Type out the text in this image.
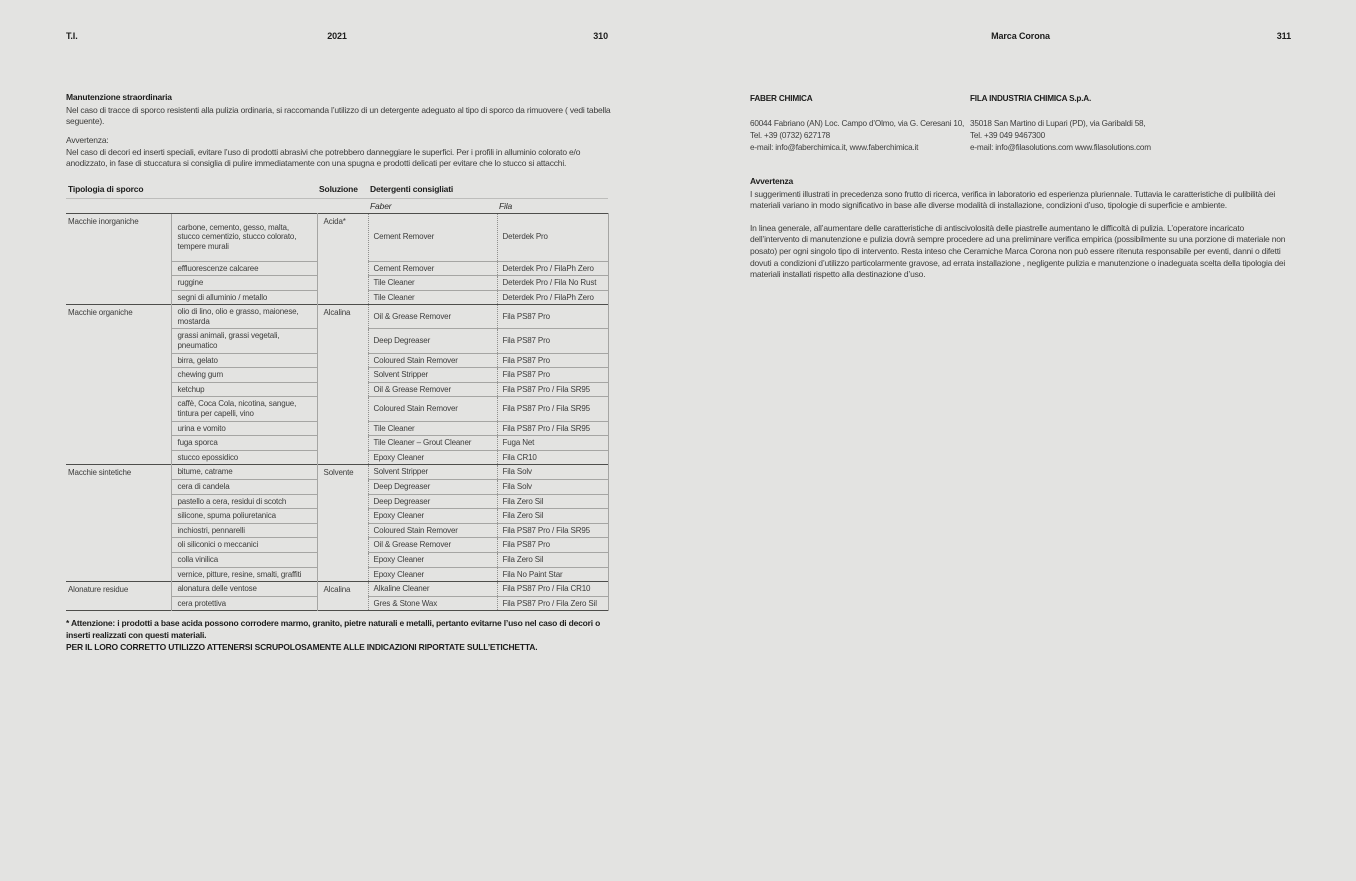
T.I.	2021	310

Manutenzione straordinaria

Nel caso di tracce di sporco resistenti alla pulizia ordinaria, si raccomanda l’utilizzo di un detergente adeguato al tipo di sporco da rimuovere ( vedi tabella seguente).

Avvertenza:

Nel caso di decori ed inserti speciali, evitare l’uso di prodotti abrasivi che potrebbero danneggiare le superfici. Per i profili in alluminio colorato e/o anodizzato, in fase di stuccatura si consiglia di pulire immediatamente con una spugna e prodotti delicati per evitare che lo stucco si attacchi.

Tipologia di sporco		Soluzione	Detergenti consigliati	
			Faber	Fila
Macchie inorganiche	carbone, cemento, gesso, malta, stucco cementizio, stucco colorato, tempere murali	Acida*	Cement Remover	Deterdek Pro
	effluorescenze calcaree		Cement Remover	Deterdek Pro / FilaPh Zero
	ruggine		Tile Cleaner	Deterdek Pro / Fila No Rust
	segni di alluminio / metallo		Tile Cleaner	Deterdek Pro / FilaPh Zero
Macchie organiche	olio di lino, olio e grasso, maionese, mostarda	Alcalina	Oil & Grease Remover	Fila PS87 Pro
	grassi animali, grassi vegetali, pneumatico		Deep Degreaser	Fila PS87 Pro
	birra, gelato		Coloured Stain Remover	Fila PS87 Pro
	chewing gum		Solvent Stripper	Fila PS87 Pro
	ketchup		Oil & Grease Remover	Fila PS87 Pro / Fila SR95
	caffè, Coca Cola, nicotina, sangue, tintura per capelli, vino		Coloured Stain Remover	Fila PS87 Pro / Fila SR95
	urina e vomito		Tile Cleaner	Fila PS87 Pro / Fila SR95
	fuga sporca		Tile Cleaner – Grout Cleaner	Fuga Net
	stucco epossidico		Epoxy Cleaner	Fila CR10
Macchie sintetiche	bitume, catrame	Solvente	Solvent Stripper	Fila Solv
	cera di candela		Deep Degreaser	Fila Solv
	pastello a cera, residui di scotch		Deep Degreaser	Fila Zero Sil
	silicone, spuma poliuretanica		Epoxy Cleaner	Fila Zero Sil
	inchiostri, pennarelli		Coloured Stain Remover	Fila PS87 Pro / Fila SR95
	oli siliconici o meccanici		Oil & Grease Remover	Fila PS87 Pro
	colla vinilica		Epoxy Cleaner	Fila Zero Sil
	vernice, pitture, resine, smalti, graffiti		Epoxy Cleaner	Fila No Paint Star
Alonature residue	alonatura delle ventose	Alcalina	Alkaline Cleaner	Fila PS87 Pro / Fila CR10
	cera protettiva		Gres & Stone Wax	Fila PS87 Pro / Fila Zero Sil

* Attenzione: i prodotti a base acida possono corrodere marmo, granito, pietre naturali e metalli, pertanto evitarne l’uso nel caso di decori o inserti realizzati con questi materiali.

PER IL LORO CORRETTO UTILIZZO ATTENERSI SCRUPOLOSAMENTE ALLE INDICAZIONI RIPORTATE SULL’ETICHETTA.

Marca Corona	311

FABER CHIMICA

60044 Fabriano (AN) Loc. Campo d’Olmo, via G. Ceresani 10,

Tel. +39 (0732) 627178

e-mail: info@faberchimica.it, www.faberchimica.it

FILA INDUSTRIA CHIMICA S.p.A.

35018 San Martino di Lupari (PD), via Garibaldi 58,

Tel. +39 049 9467300

e-mail: info@filasolutions.com www.filasolutions.com

Avvertenza

I suggerimenti illustrati in precedenza sono frutto di ricerca, verifica in laboratorio ed esperienza pluriennale. Tuttavia le caratteristiche di pulibilità dei materiali variano in modo significativo in base alle diverse modalità di installazione, condizioni d’uso, tipologie di superficie e ambiente.

In linea generale, all’aumentare delle caratteristiche di antiscivolosità delle piastrelle aumentano le difficoltà di pulizia. L’operatore incaricato dell’intervento di manutenzione e pulizia dovrà sempre procedere ad una preliminare verifica empirica (possibilmente su una porzione di materiale non posato) per ogni singolo tipo di intervento. Resta inteso che Ceramiche Marca Corona non può essere ritenuta responsabile per eventi, danni o difetti dovuti a condizioni d’utilizzo particolarmente gravose, ad errata installazione , negligente pulizia e manutenzione o inadeguata scelta della tipologia dei materiali installati rispetto alla destinazione d’uso.
